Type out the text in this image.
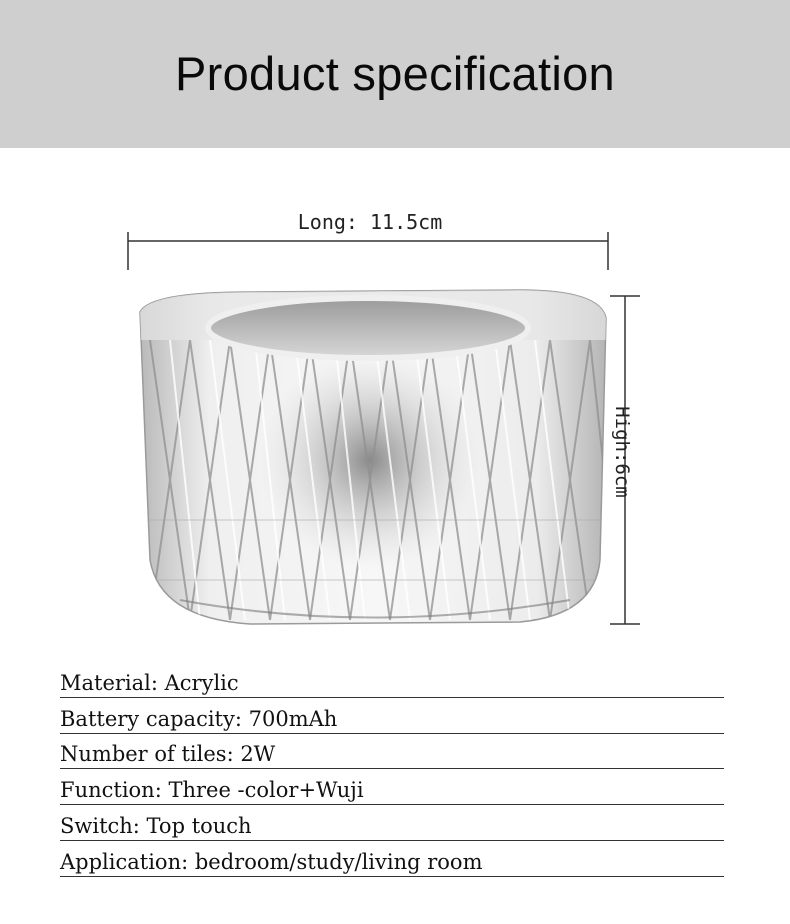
Product specification
Long: 11.5cm
High:6cm
Material: Acrylic
Battery capacity: 700mAh
Number of tiles: 2W
Function: Three -color+Wuji
Switch: Top touch
Application: bedroom/study/living room
